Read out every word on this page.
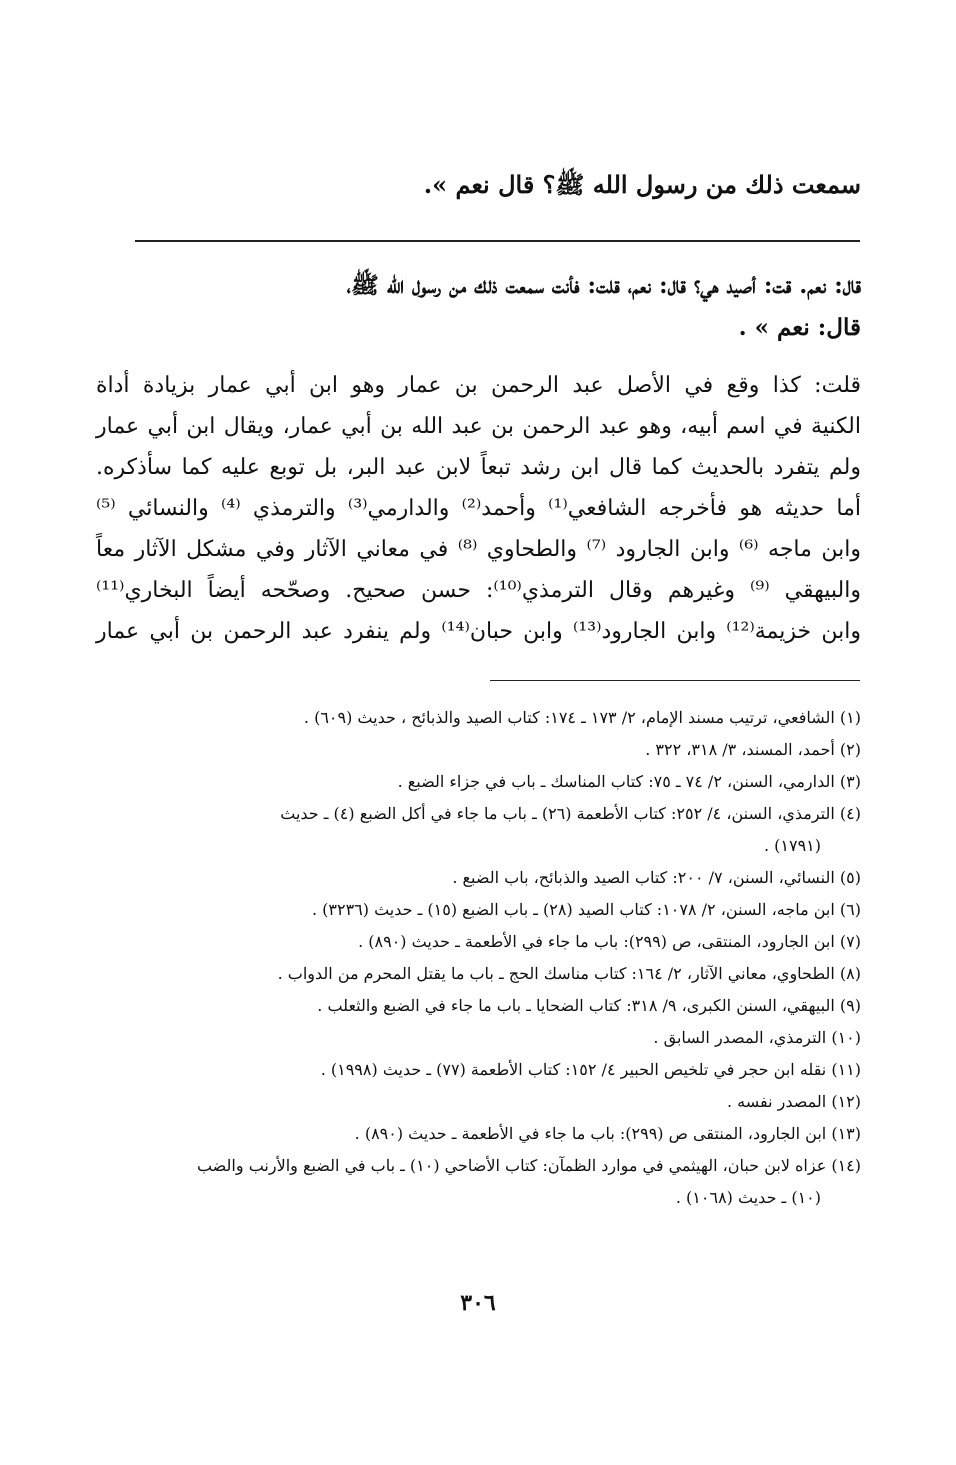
سمعت ذلك من رسول الله ﷺ؟ قال نعم ».
قال: نعم. قت: أصيد هي؟ قال: نعم، قلت: فأنت سمعت ذلك من رسول الله ﷺ،
قال: نعم » .
قلت: كذا وقع في الأصل عبد الرحمن بن عمار وهو ابن أبي عمار بزيادة أداة
الكنية في اسم أبيه، وهو عبد الرحمن بن عبد الله بن أبي عمار، ويقال ابن أبي عمار
ولم يتفرد بالحديث كما قال ابن رشد تبعاً لابن عبد البر، بل توبع عليه كما سأذكره.
أما حديثه هو فأخرجه الشافعي⁽¹⁾ وأحمد⁽²⁾ والدارمي⁽³⁾ والترمذي ⁽⁴⁾ والنسائي ⁽⁵⁾
وابن ماجه ⁽⁶⁾ وابن الجارود ⁽⁷⁾ والطحاوي ⁽⁸⁾ في معاني الآثار وفي مشكل الآثار معاً
والبيهقي ⁽⁹⁾ وغيرهم وقال الترمذي⁽¹⁰⁾: حسن صحيح. وصحّحه أيضاً البخاري⁽¹¹⁾
وابن خزيمة⁽¹²⁾ وابن الجارود⁽¹³⁾ وابن حبان⁽¹⁴⁾ ولم ينفرد عبد الرحمن بن أبي عمار
(١) الشافعي، ترتيب مسند الإمام، ٢/ ١٧٣ ـ ١٧٤: كتاب الصيد والذبائح ، حديث (٦٠٩) .
(٢) أحمد، المسند، ٣/ ٣١٨، ٣٢٢ .
(٣) الدارمي، السنن، ٢/ ٧٤ ـ ٧٥: كتاب المناسك ـ باب في جزاء الضبع .
(٤) الترمذي، السنن، ٤/ ٢٥٢: كتاب الأطعمة (٢٦) ـ باب ما جاء في أكل الضبع (٤) ـ حديث
(١٧٩١) .
(٥) النسائي، السنن، ٧/ ٢٠٠: كتاب الصيد والذبائح، باب الضبع .
(٦) ابن ماجه، السنن، ٢/ ١٠٧٨: كتاب الصيد (٢٨) ـ باب الضبع (١٥) ـ حديث (٣٢٣٦) .
(٧) ابن الجارود، المنتقى، ص (٢٩٩): باب ما جاء في الأطعمة ـ حديث (٨٩٠) .
(٨) الطحاوي، معاني الآثار، ٢/ ١٦٤: كتاب مناسك الحج ـ باب ما يقتل المحرم من الدواب .
(٩) البيهقي، السنن الكبرى، ٩/ ٣١٨: كتاب الضحايا ـ باب ما جاء في الضبع والثعلب .
(١٠) الترمذي، المصدر السابق .
(١١) نقله ابن حجر في تلخيص الحبير ٤/ ١٥٢: كتاب الأطعمة (٧٧) ـ حديث (١٩٩٨) .
(١٢) المصدر نفسه .
(١٣) ابن الجارود، المنتقى ص (٢٩٩): باب ما جاء في الأطعمة ـ حديث (٨٩٠) .
(١٤) عزاه لابن حبان، الهيثمي في موارد الظمآن: كتاب الأضاحي (١٠) ـ باب في الضبع والأرنب والضب
(١٠) ـ حديث (١٠٦٨) .
٣٠٦
